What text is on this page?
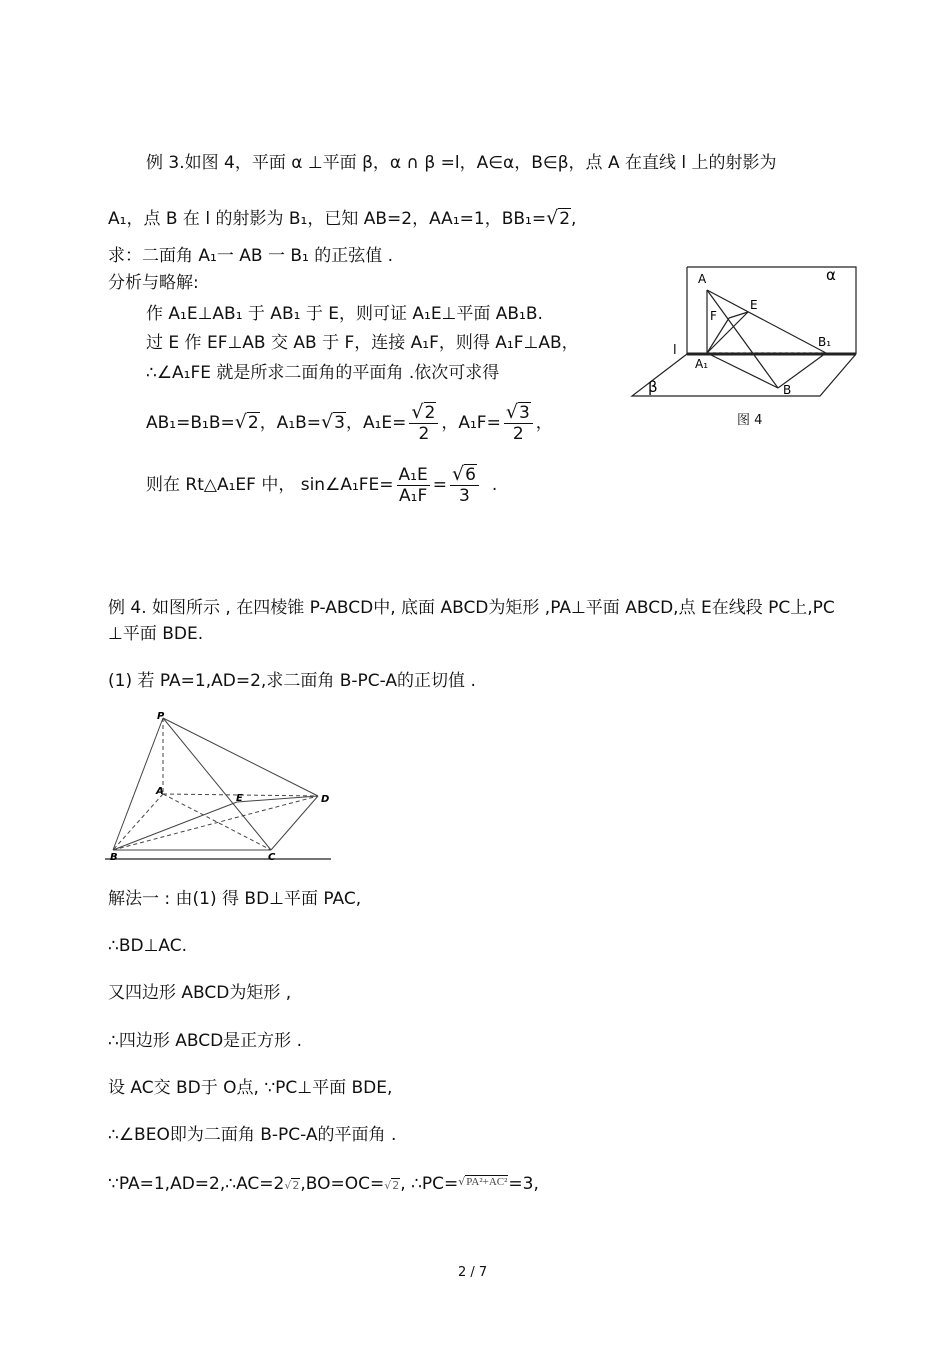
例 3.如图 4，平面 α ⊥平面 β，α ∩ β =l，A∈α，B∈β，点 A 在直线 l 上的射影为
A₁，点 B 在 l 的射影为 B₁，已知 AB=2，AA₁=1，BB₁=√2,
求：二面角 A₁一 AB 一 B₁ 的正弦值 .
分析与略解:
作 A₁E⊥AB₁ 于 AB₁ 于 E，则可证 A₁E⊥平面 AB₁B.
过 E 作 EF⊥AB 交 AB 于 F，连接 A₁F，则得 A₁F⊥AB，
∴∠A₁FE 就是所求二面角的平面角 .依次可求得
AB₁=B₁B=√2，A₁B=√3，$A_1E= \frac{√2}{2}$ ，$A_1F= \frac{√3}{2}$ ，
则在 Rt△A₁EF 中， sin∠A₁FE= $\frac{\text{A₁E}}{\text{A₁F}} = \frac{√6}{3}$ .
A
E
F
l
B₁
A₁
B
α
β
图 4
例 4. 如图所示 , 在四棱锥 P-ABCD中, 底面 ABCD为矩形 ,PA⊥平面 ABCD,点 E在线段 PC上,PC
⊥平面 BDE.
(1) 若 PA=1,AD=2,求二面角 B-PC-A的正切值 .
P
A
D
E
B	C
解法一 : 由(1) 得 BD⊥平面 PAC,
∴BD⊥AC.
又四边形 ABCD为矩形 ,
∴四边形 ABCD是正方形 .
设 AC交 BD于 O点, ∵PC⊥平面 BDE,
∴∠BEO即为二面角 B-PC-A的平面角 .
∵PA=1,AD=2,∴AC=2√2,BO=OC=√2, ∴PC=√PA²+AC²=3,
2 / 7
